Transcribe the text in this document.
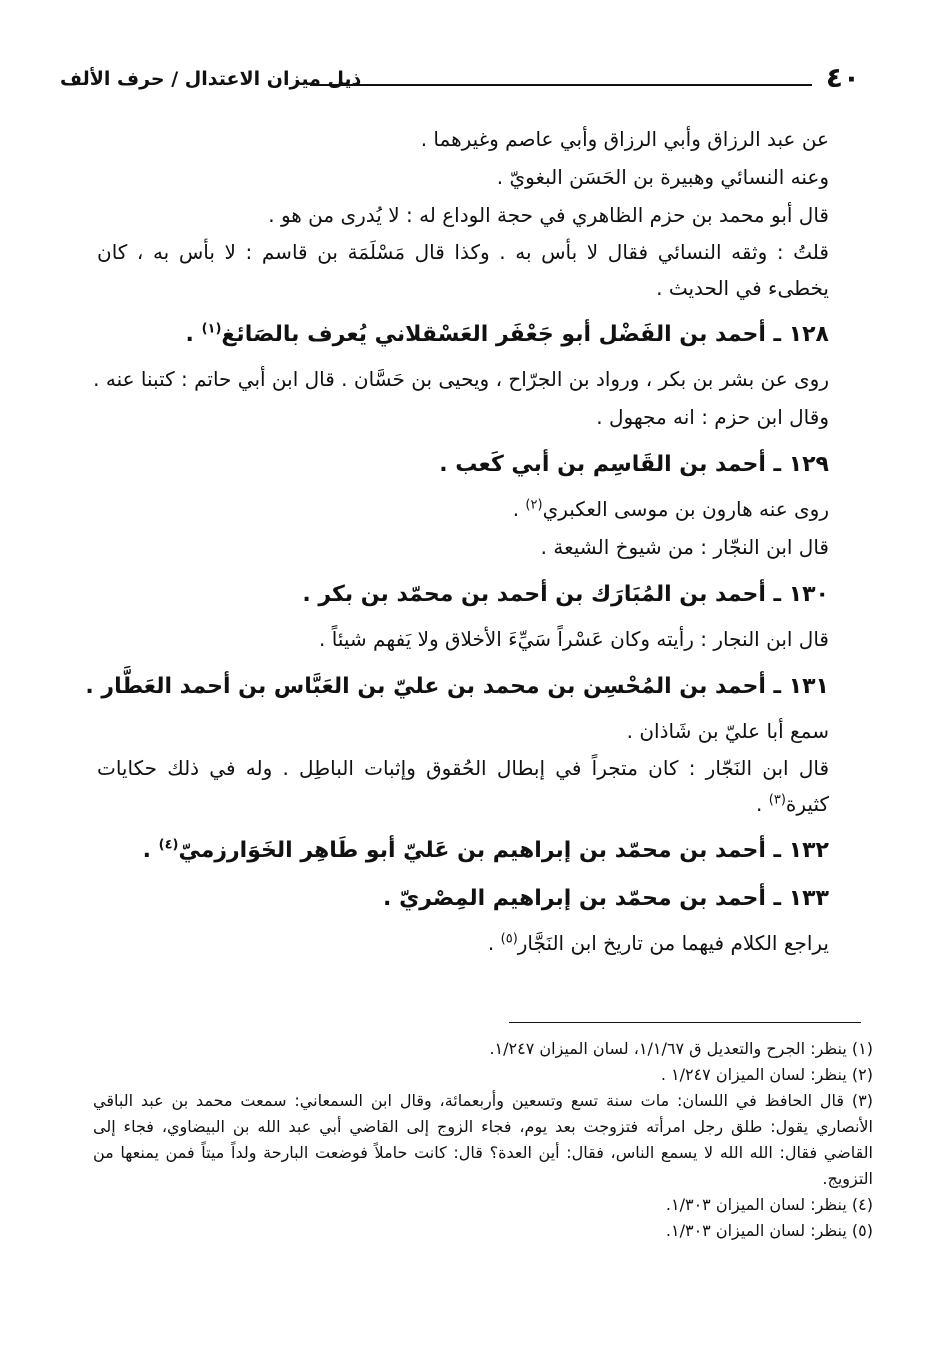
٤٠
ذيل ميزان الاعتدال / حرف الألف

عن عبد الرزاق وأبي الرزاق وأبي عاصم وغيرهما .

وعنه النسائي وهبيرة بن الحَسَن البغويّ .

قال أبو محمد بن حزم الظاهري في حجة الوداع له : لا يُدرى من هو .

قلتُ : وثقه النسائي فقال لا بأس به . وكذا قال مَسْلَمَة بن قاسم : لا بأس به ، كان يخطىء في الحديث .

١٢٨ ـ أحمد بن الفَضْل أبو جَعْفَر العَسْقلاني يُعرف بالصَائغ$^{(١)}$ .

روى عن بشر بن بكر ، ورواد بن الجرّاح ، ويحيى بن حَسَّان . قال ابن أبي حاتم : كتبنا عنه .

وقال ابن حزم : انه مجهول .

١٢٩ ـ أحمد بن القَاسِم بن أبي كَعب .

روى عنه هارون بن موسى العكبري$^{(٢)}$ .

قال ابن النجّار : من شيوخ الشيعة .

١٣٠ ـ أحمد بن المُبَارَك بن أحمد بن محمّد بن بكر .

قال ابن النجار : رأيته وكان عَسْراً سَيِّءَ الأخلاق ولا يَفهم شيئاً .

١٣١ ـ أحمد بن المُحْسِن بن محمد بن عليّ بن العَبَّاس بن أحمد العَطَّار .

سمع أبا عليّ بن شَاذان .

قال ابن النَجّار : كان متجراً في إبطال الحُقوق وإثبات الباطِل . وله في ذلك حكايات كثيرة$^{(٣)}$ .

١٣٢ ـ أحمد بن محمّد بن إبراهيم بن عَليّ أبو طَاهِر الخَوَارزميّ$^{(٤)}$ .
١٣٣ ـ أحمد بن محمّد بن إبراهيم المِصْريّ .

يراجع الكلام فيهما من تاريخ ابن النَجَّار$^{(٥)}$ .

(١) ينظر: الجرح والتعديل ق ١/١/٦٧، لسان الميزان ١/٢٤٧.

(٢) ينظر: لسان الميزان ١/٢٤٧ .

(٣) قال الحافظ في اللسان: مات سنة تسع وتسعين وأربعمائة، وقال ابن السمعاني: سمعت محمد بن عبد الباقي الأنصاري يقول: طلق رجل امرأته فتزوجت بعد يوم، فجاء الزوج إلى القاضي أبي عبد الله بن البيضاوي، فجاء إلى القاضي فقال: الله الله لا يسمع الناس، فقال: أين العدة؟ قال: كانت حاملاً فوضعت البارحة ولداً ميتاً فمن يمنعها من التزويج.

(٤) ينظر: لسان الميزان ١/٣٠٣.

(٥) ينظر: لسان الميزان ١/٣٠٣.
